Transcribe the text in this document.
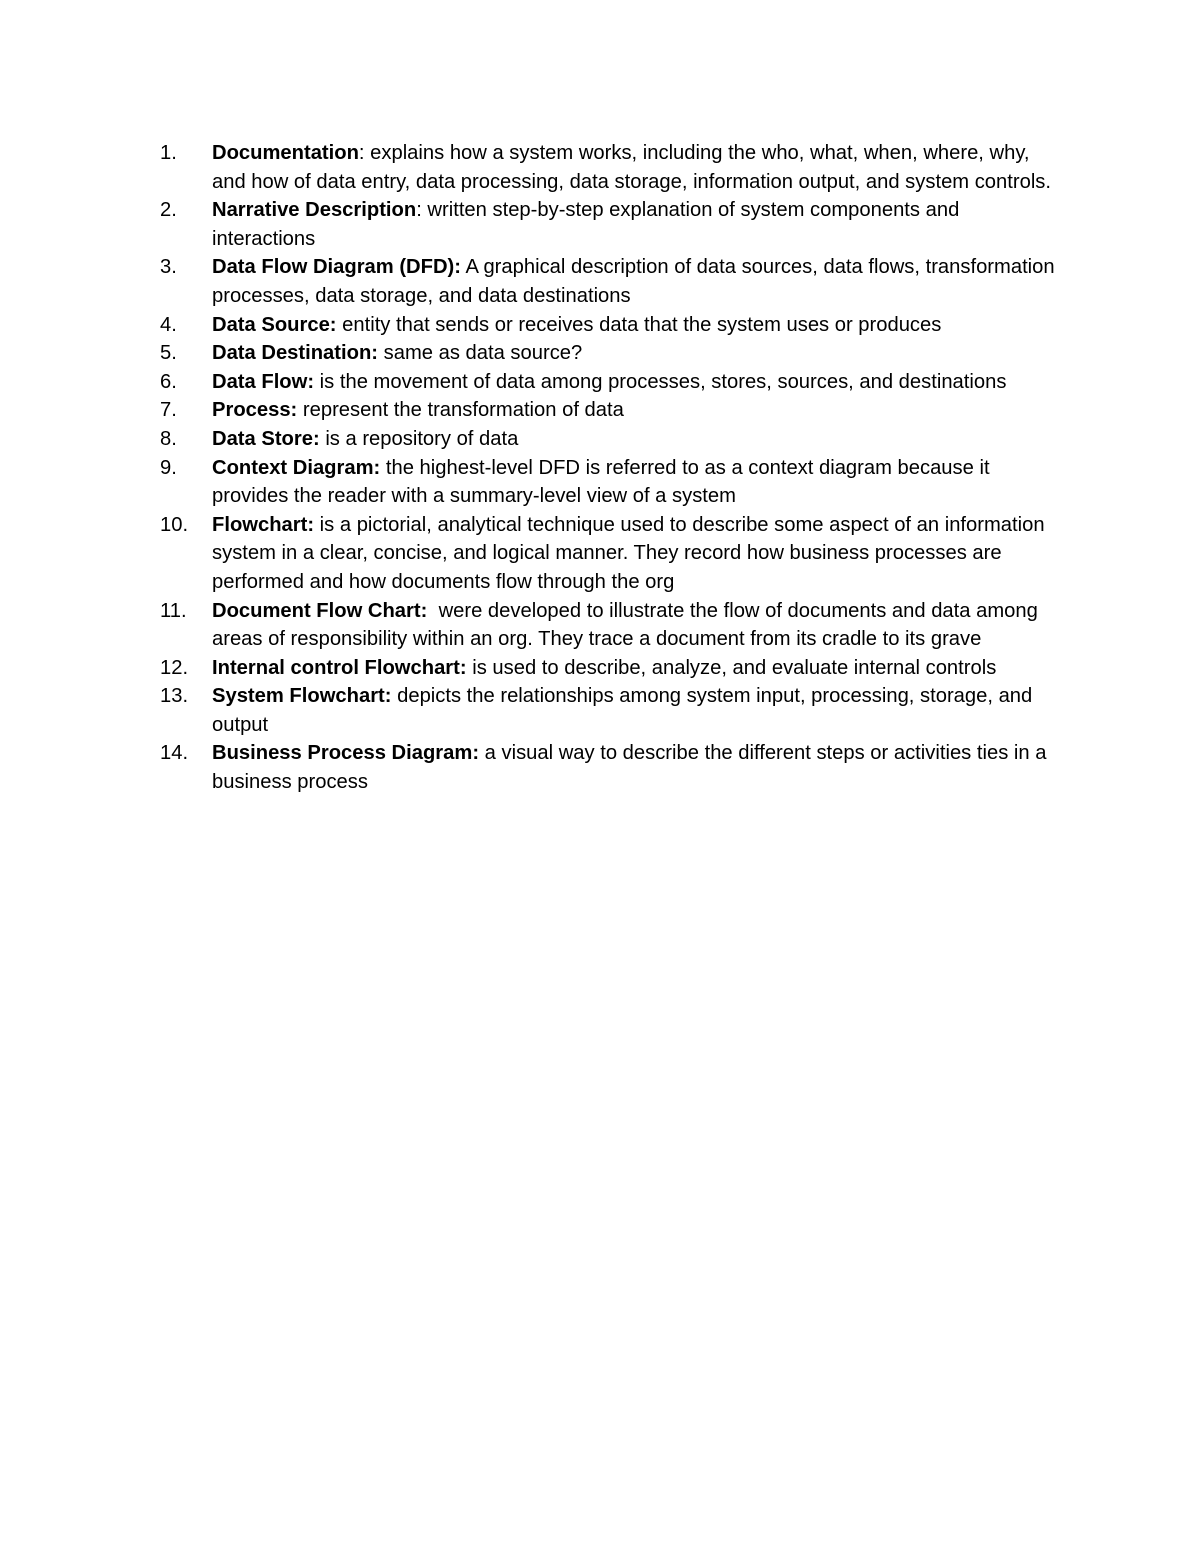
1.	Documentation: explains how a system works, including the who, what, when, where, why, and how of data entry, data processing, data storage, information output, and system controls.
2.	Narrative Description: written step-by-step explanation of system components and interactions
3.	Data Flow Diagram (DFD): A graphical description of data sources, data flows, transformation processes, data storage, and data destinations
4.	Data Source: entity that sends or receives data that the system uses or produces
5.	Data Destination: same as data source?
6.	Data Flow: is the movement of data among processes, stores, sources, and destinations
7.	Process: represent the transformation of data
8.	Data Store: is a repository of data
9.	Context Diagram: the highest-level DFD is referred to as a context diagram because it provides the reader with a summary-level view of a system
10.	Flowchart: is a pictorial, analytical technique used to describe some aspect of an information system in a clear, concise, and logical manner. They record how business processes are performed and how documents flow through the org
11.	Document Flow Chart: were developed to illustrate the flow of documents and data among areas of responsibility within an org. They trace a document from its cradle to its grave
12.	Internal control Flowchart: is used to describe, analyze, and evaluate internal controls
13.	System Flowchart: depicts the relationships among system input, processing, storage, and output
14.	Business Process Diagram: a visual way to describe the different steps or activities ties in a business process
